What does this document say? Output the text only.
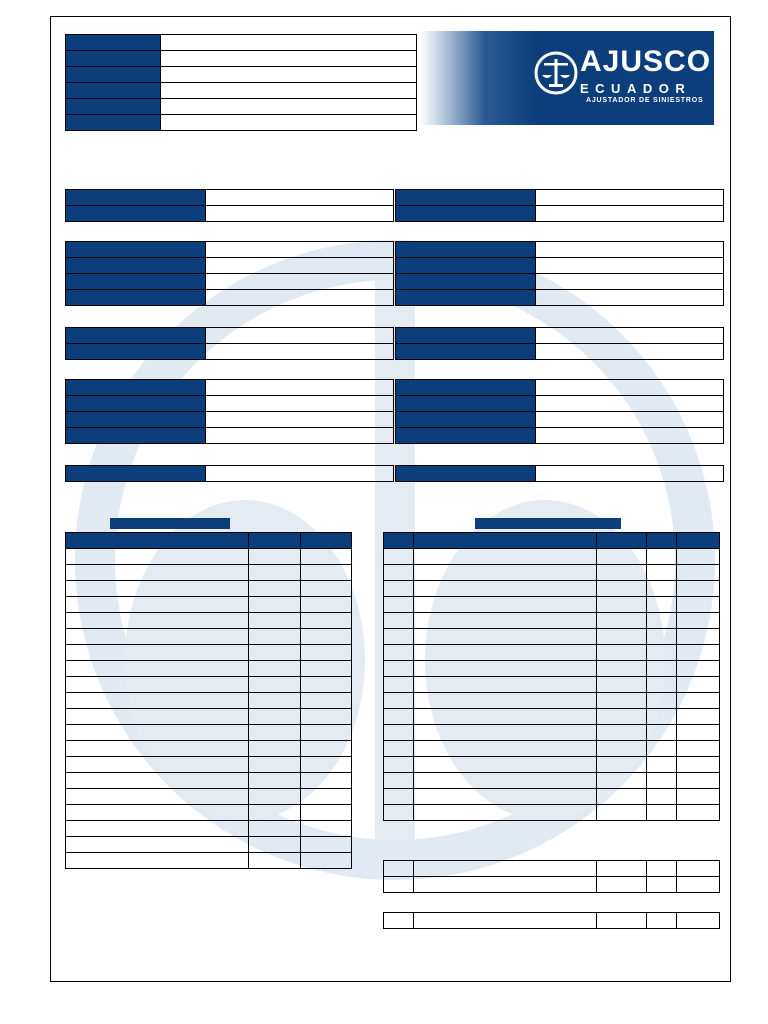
AJUSCO
ECUADOR
AJUSTADOR DE SINIESTROS
